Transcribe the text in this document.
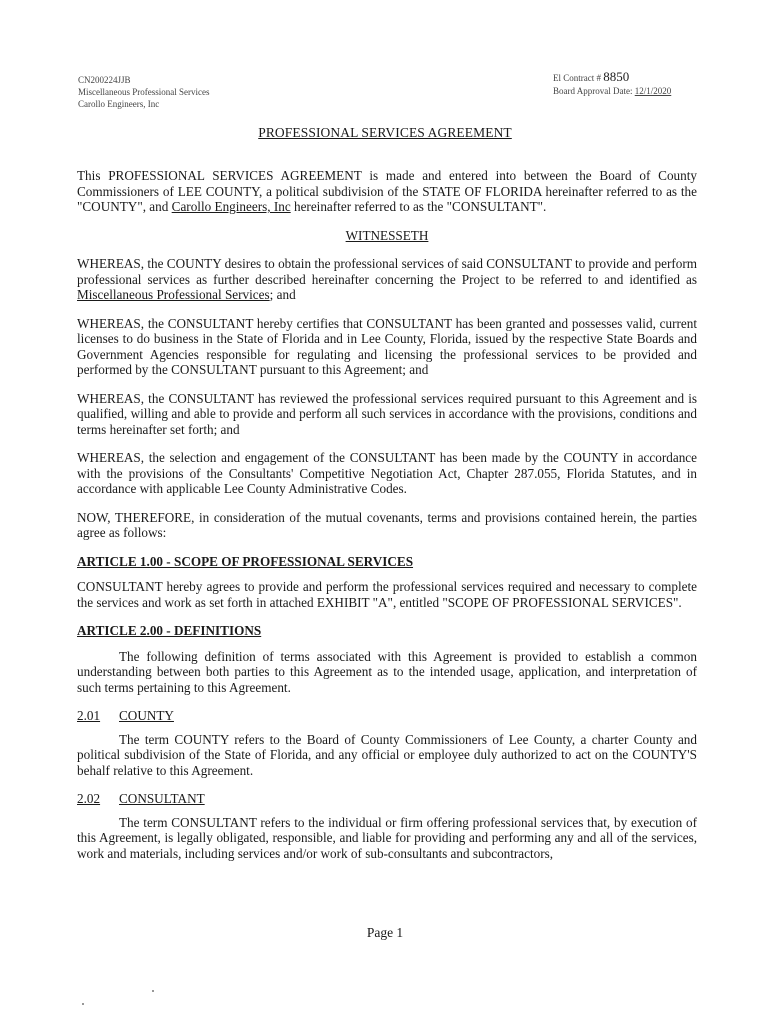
CN200224JJB
Miscellaneous Professional Services
Carollo Engineers, Inc
El Contract # 8850
Board Approval Date: 12/1/2020
PROFESSIONAL SERVICES AGREEMENT

This PROFESSIONAL SERVICES AGREEMENT is made and entered into between the Board of County Commissioners of LEE COUNTY, a political subdivision of the STATE OF FLORIDA hereinafter referred to as the "COUNTY", and Carollo Engineers, Inc hereinafter referred to as the "CONSULTANT".

WITNESSETH

WHEREAS, the COUNTY desires to obtain the professional services of said CONSULTANT to provide and perform professional services as further described hereinafter concerning the Project to be referred to and identified as Miscellaneous Professional Services; and

WHEREAS, the CONSULTANT hereby certifies that CONSULTANT has been granted and possesses valid, current licenses to do business in the State of Florida and in Lee County, Florida, issued by the respective State Boards and Government Agencies responsible for regulating and licensing the professional services to be provided and performed by the CONSULTANT pursuant to this Agreement; and

WHEREAS, the CONSULTANT has reviewed the professional services required pursuant to this Agreement and is qualified, willing and able to provide and perform all such services in accordance with the provisions, conditions and terms hereinafter set forth; and

WHEREAS, the selection and engagement of the CONSULTANT has been made by the COUNTY in accordance with the provisions of the Consultants' Competitive Negotiation Act, Chapter 287.055, Florida Statutes, and in accordance with applicable Lee County Administrative Codes.

NOW, THEREFORE, in consideration of the mutual covenants, terms and provisions contained herein, the parties agree as follows:

ARTICLE 1.00 - SCOPE OF PROFESSIONAL SERVICES

CONSULTANT hereby agrees to provide and perform the professional services required and necessary to complete the services and work as set forth in attached EXHIBIT "A", entitled "SCOPE OF PROFESSIONAL SERVICES".

ARTICLE 2.00 - DEFINITIONS

The following definition of terms associated with this Agreement is provided to establish a common understanding between both parties to this Agreement as to the intended usage, application, and interpretation of such terms pertaining to this Agreement.

2.01 COUNTY

The term COUNTY refers to the Board of County Commissioners of Lee County, a charter County and political subdivision of the State of Florida, and any official or employee duly authorized to act on the COUNTY'S behalf relative to this Agreement.

2.02 CONSULTANT

The term CONSULTANT refers to the individual or firm offering professional services that, by execution of this Agreement, is legally obligated, responsible, and liable for providing and performing any and all of the services, work and materials, including services and/or work of sub-consultants and subcontractors,

Page 1
